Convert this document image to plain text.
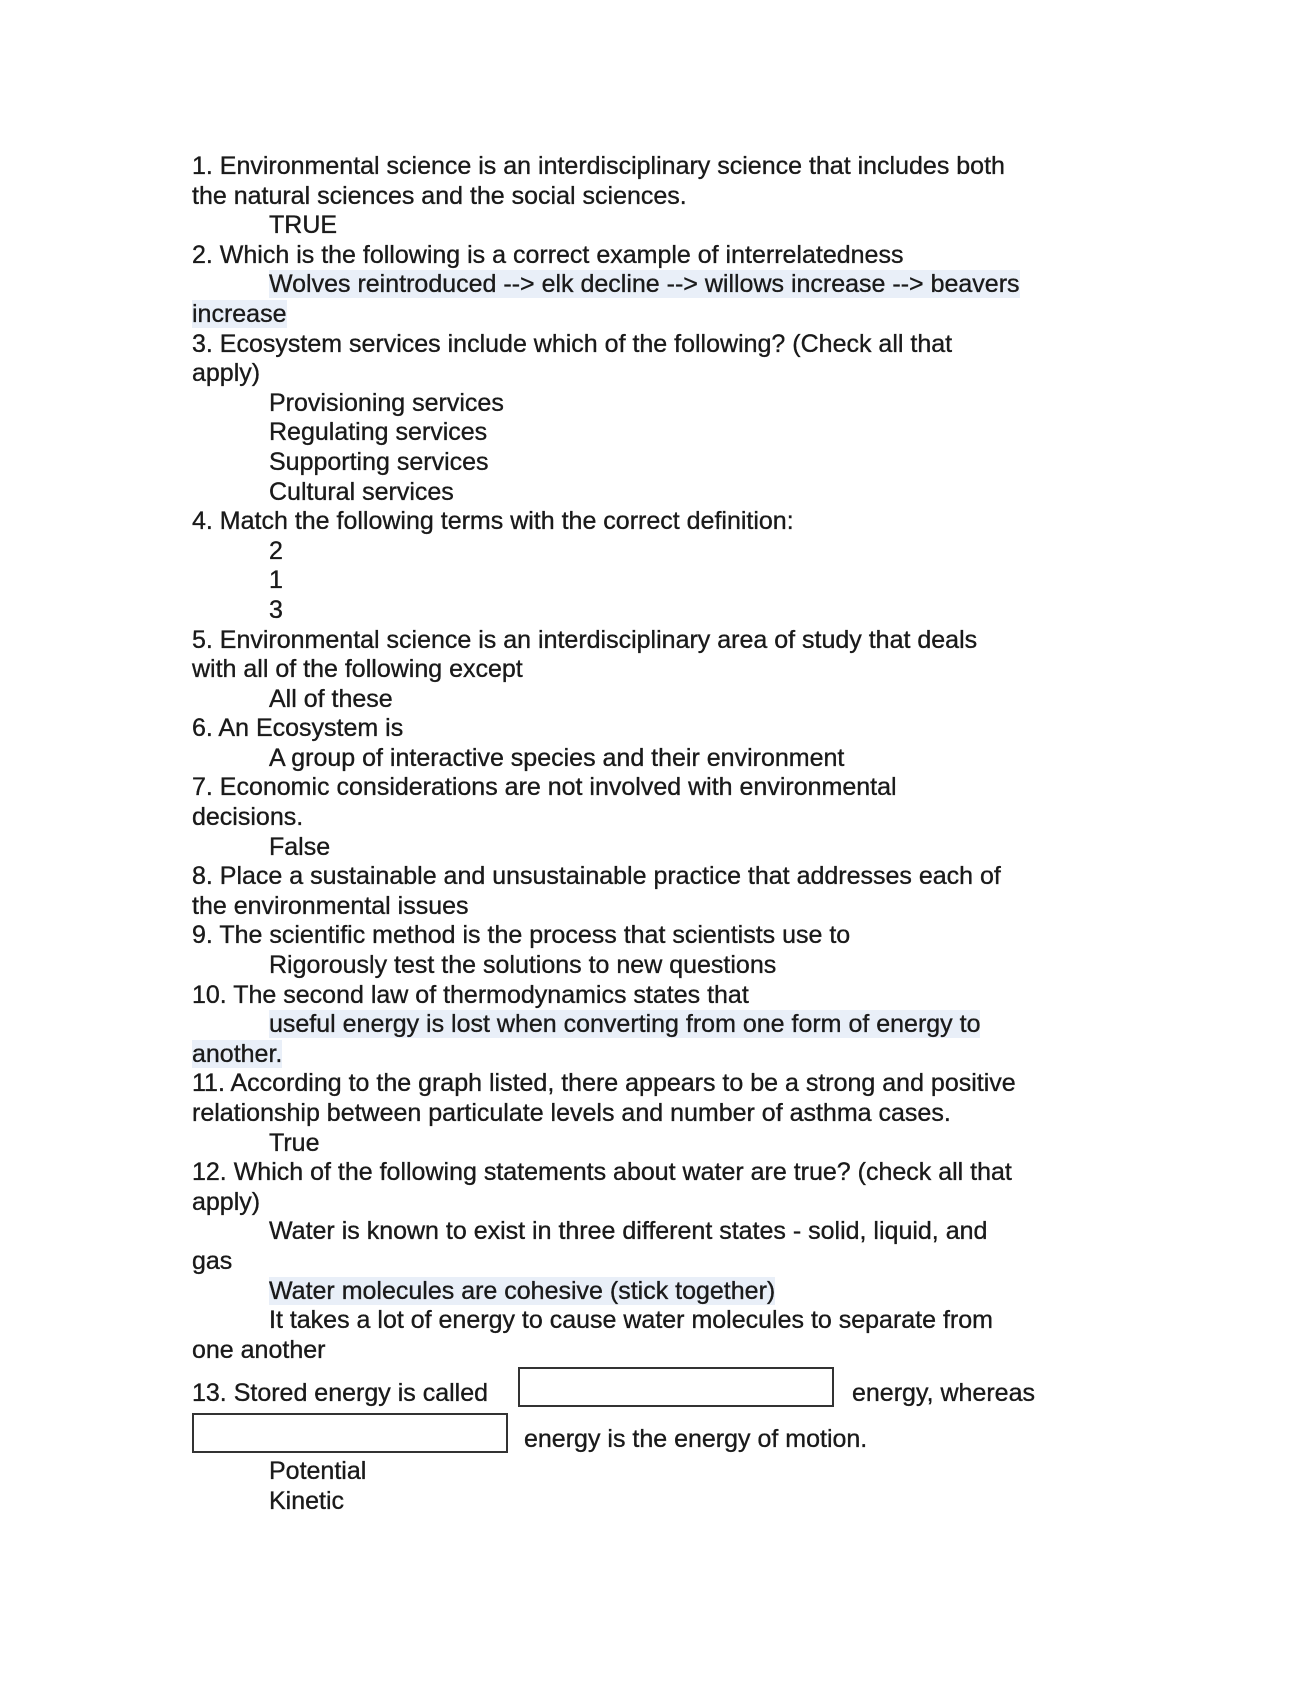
1. Environmental science is an interdisciplinary science that includes both

the natural sciences and the social sciences.

TRUE

2. Which is the following is a correct example of interrelatedness

Wolves reintroduced --> elk decline --> willows increase --> beavers
increase

3. Ecosystem services include which of the following? (Check all that

apply)

Provisioning services

Regulating services

Supporting services

Cultural services

4. Match the following terms with the correct definition:

2

1

3

5. Environmental science is an interdisciplinary area of study that deals

with all of the following except

All of these

6. An Ecosystem is

A group of interactive species and their environment

7. Economic considerations are not involved with environmental

decisions.

False

8. Place a sustainable and unsustainable practice that addresses each of

the environmental issues

9. The scientific method is the process that scientists use to

Rigorously test the solutions to new questions

10. The second law of thermodynamics states that

useful energy is lost when converting from one form of energy to
another.

11. According to the graph listed, there appears to be a strong and positive

relationship between particulate levels and number of asthma cases.

True

12. Which of the following statements about water are true? (check all that

apply)

Water is known to exist in three different states - solid, liquid, and

gas

Water molecules are cohesive (stick together)

It takes a lot of energy to cause water molecules to separate from

one another

13. Stored energy is called	energy, whereas
energy is the energy of motion.

Potential

Kinetic
